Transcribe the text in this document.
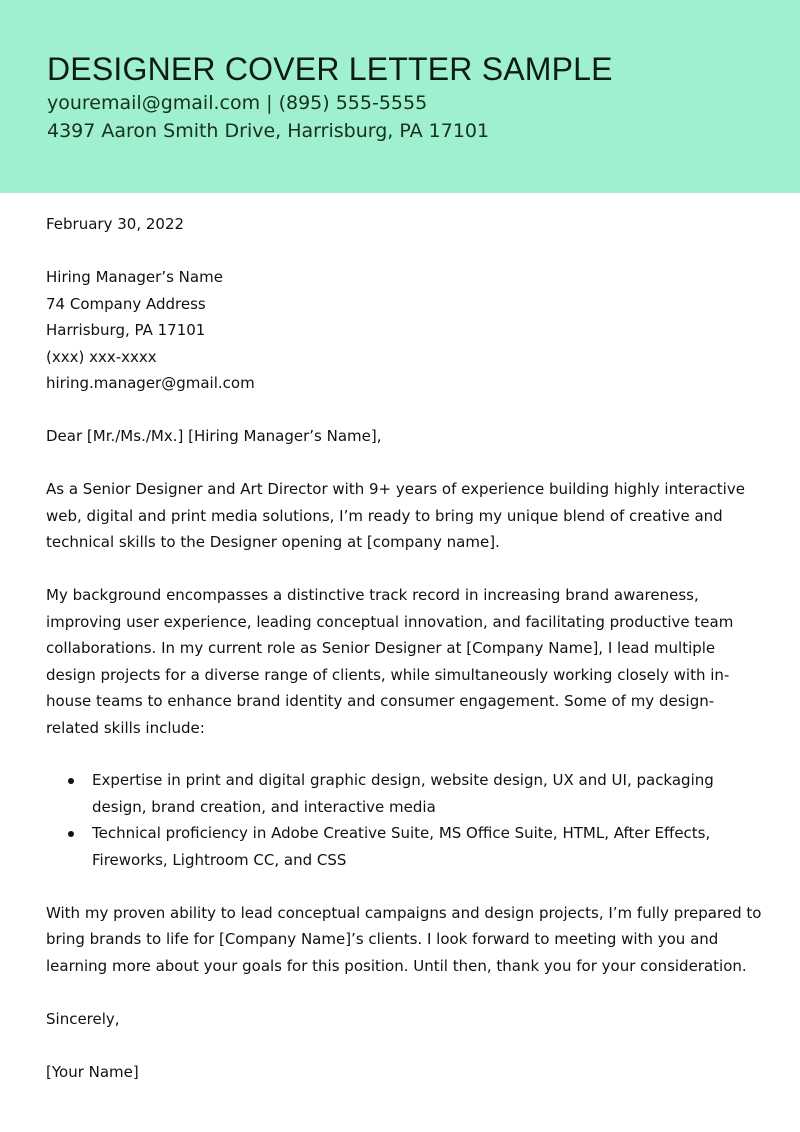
DESIGNER COVER LETTER SAMPLE

youremail@gmail.com | (895) 555-5555

4397 Aaron Smith Drive, Harrisburg, PA 17101

February 30, 2022

Hiring Manager’s Name
74 Company Address
Harrisburg, PA 17101
(xxx) xxx-xxxx
hiring.manager@gmail.com

Dear [Mr./Ms./Mx.] [Hiring Manager’s Name],

As a Senior Designer and Art Director with 9+ years of experience building highly interactive web, digital and print media solutions, I’m ready to bring my unique blend of creative and technical skills to the Designer opening at [company name].

My background encompasses a distinctive track record in increasing brand awareness, improving user experience, leading conceptual innovation, and facilitating productive team collaborations. In my current role as Senior Designer at [Company Name], I lead multiple design projects for a diverse range of clients, while simultaneously working closely with in-house teams to enhance brand identity and consumer engagement. Some of my design-related skills include:

Expertise in print and digital graphic design, website design, UX and UI, packaging design, brand creation, and interactive media
Technical proficiency in Adobe Creative Suite, MS Office Suite, HTML, After Effects, Fireworks, Lightroom CC, and CSS

With my proven ability to lead conceptual campaigns and design projects, I’m fully prepared to bring brands to life for [Company Name]’s clients. I look forward to meeting with you and learning more about your goals for this position. Until then, thank you for your consideration.

Sincerely,

[Your Name]
